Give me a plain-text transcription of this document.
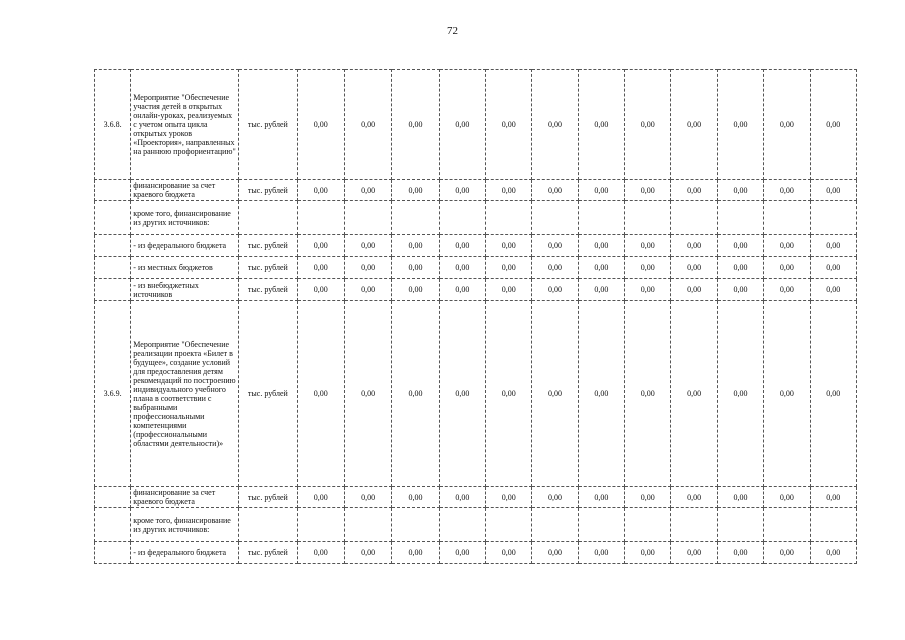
72
3.6.8.	Мероприятие "Обеспечение участия детей в открытых онлайн-уроках, реализуемых с учетом опыта цикла открытых уроков «Проектория», направленных на раннюю профориентацию"	тыс. рублей	0,00	0,00	0,00	0,00	0,00	0,00	0,00	0,00	0,00	0,00	0,00	0,00
	финансирование за счет краевого бюджета	тыс. рублей	0,00	0,00	0,00	0,00	0,00	0,00	0,00	0,00	0,00	0,00	0,00	0,00
	кроме того, финансирование из других источников:													
	- из федерального бюджета	тыс. рублей	0,00	0,00	0,00	0,00	0,00	0,00	0,00	0,00	0,00	0,00	0,00	0,00
	- из местных бюджетов	тыс. рублей	0,00	0,00	0,00	0,00	0,00	0,00	0,00	0,00	0,00	0,00	0,00	0,00
	- из внебюджетных источников	тыс. рублей	0,00	0,00	0,00	0,00	0,00	0,00	0,00	0,00	0,00	0,00	0,00	0,00
3.6.9.	Мероприятие "Обеспечение реализации проекта «Билет в будущее», создание условий для предоставления детям рекомендаций по построению индивидуального учебного плана в соответствии с выбранными профессиональными компетенциями (профессиональными областями деятельности)»	тыс. рублей	0,00	0,00	0,00	0,00	0,00	0,00	0,00	0,00	0,00	0,00	0,00	0,00
	финансирование за счет краевого бюджета	тыс. рублей	0,00	0,00	0,00	0,00	0,00	0,00	0,00	0,00	0,00	0,00	0,00	0,00
	кроме того, финансирование из других источников:													
	- из федерального бюджета	тыс. рублей	0,00	0,00	0,00	0,00	0,00	0,00	0,00	0,00	0,00	0,00	0,00	0,00
